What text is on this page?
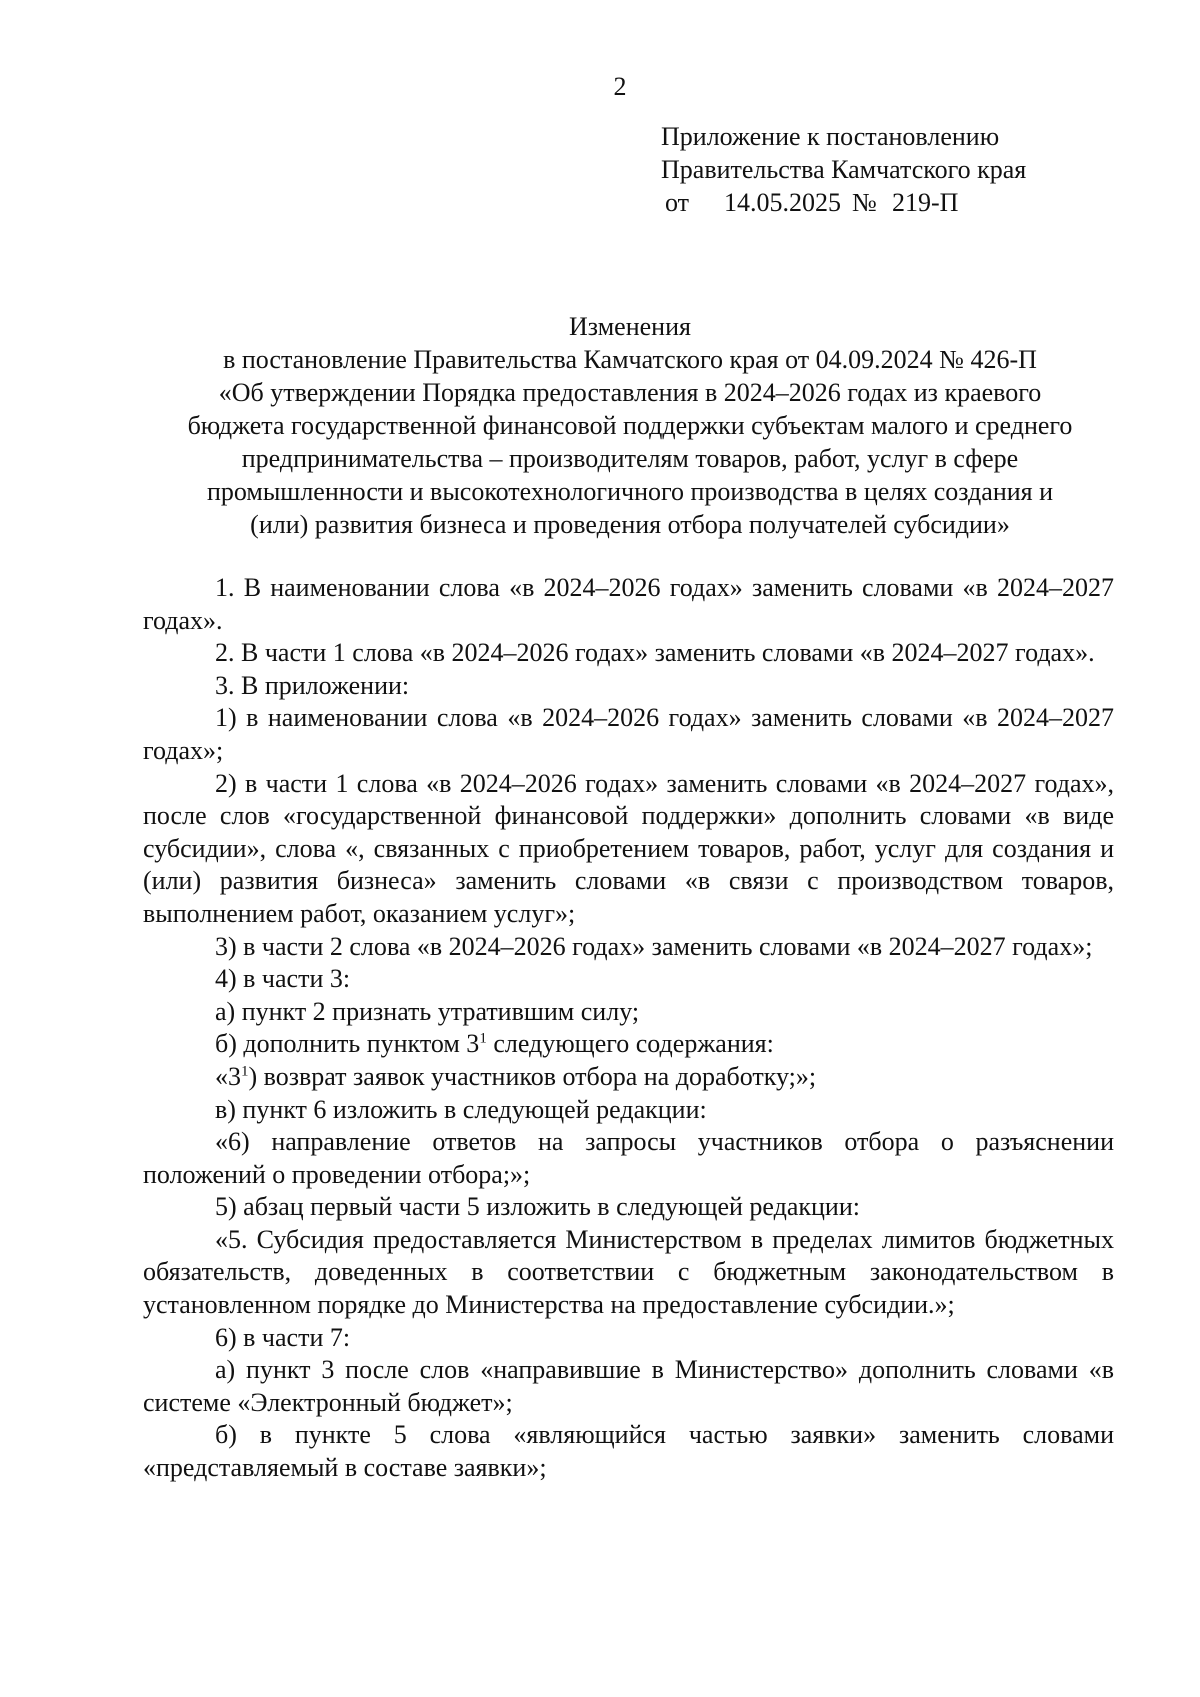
2
Приложение к постановлению
Правительства Камчатского края
от 14.05.2025 № 219-П
Изменения
в постановление Правительства Камчатского края от 04.09.2024 № 426-П
«Об утверждении Порядка предоставления в 2024–2026 годах из краевого
бюджета государственной финансовой поддержки субъектам малого и среднего
предпринимательства – производителям товаров, работ, услуг в сфере
промышленности и высокотехнологичного производства в целях создания и
(или) развития бизнеса и проведения отбора получателей субсидии»

1. В наименовании слова «в 2024–2026 годах» заменить словами «в 2024–2027 годах».

2. В части 1 слова «в 2024–2026 годах» заменить словами «в 2024–2027 годах».

3. В приложении:

1) в наименовании слова «в 2024–2026 годах» заменить словами «в 2024–2027 годах»;

2) в части 1 слова «в 2024–2026 годах» заменить словами «в 2024–2027 годах», после слов «государственной финансовой поддержки» дополнить словами «в виде субсидии», слова «, связанных с приобретением товаров, работ, услуг для создания и (или) развития бизнеса» заменить словами «в связи с производством товаров, выполнением работ, оказанием услуг»;

3) в части 2 слова «в 2024–2026 годах» заменить словами «в 2024–2027 годах»;

4) в части 3:

а) пункт 2 признать утратившим силу;

б) дополнить пунктом $3^1$ следующего содержания:

«$3^1$) возврат заявок участников отбора на доработку;»;

в) пункт 6 изложить в следующей редакции:

«6) направление ответов на запросы участников отбора о разъяснении положений о проведении отбора;»;

5) абзац первый части 5 изложить в следующей редакции:

«5. Субсидия предоставляется Министерством в пределах лимитов бюджетных обязательств, доведенных в соответствии с бюджетным законодательством в установленном порядке до Министерства на предоставление субсидии.»;

6) в части 7:

а) пункт 3 после слов «направившие в Министерство» дополнить словами «в системе «Электронный бюджет»;

б) в пункте 5 слова «являющийся частью заявки» заменить словами «представляемый в составе заявки»;
